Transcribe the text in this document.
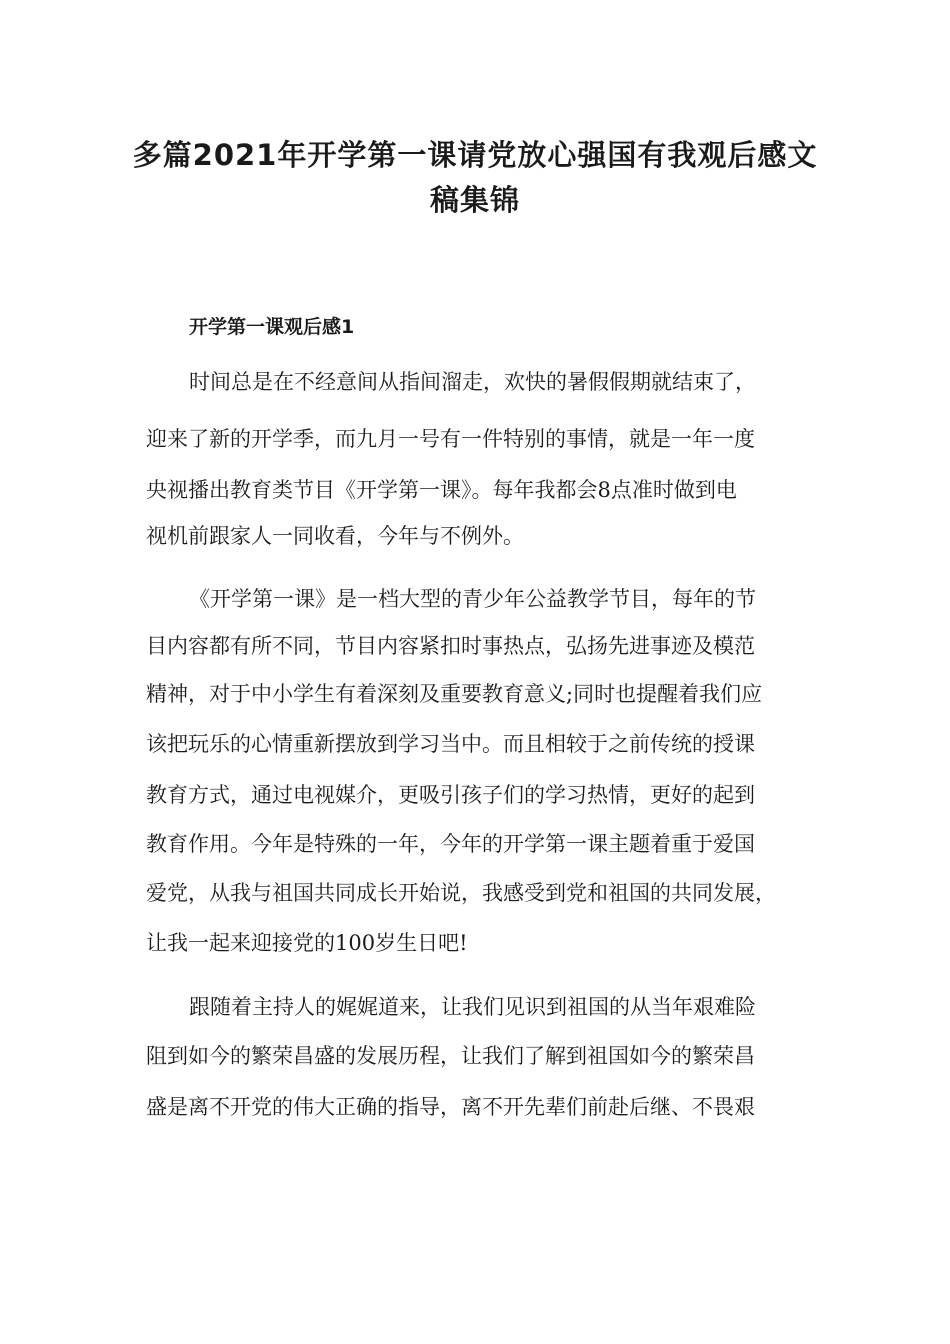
多篇2021年开学第一课请党放心强国有我观后感文
稿集锦
开学第一课观后感1

时间总是在不经意间从指间溜走，欢快的暑假假期就结束了，

迎来了新的开学季，而九月一号有一件特别的事情，就是一年一度

央视播出教育类节目《开学第一课》。每年我都会8点准时做到电

视机前跟家人一同收看，今年与不例外。

《开学第一课》是一档大型的青少年公益教学节目，每年的节

目内容都有所不同，节目内容紧扣时事热点，弘扬先进事迹及模范

精神，对于中小学生有着深刻及重要教育意义;同时也提醒着我们应

该把玩乐的心情重新摆放到学习当中。而且相较于之前传统的授课

教育方式，通过电视媒介，更吸引孩子们的学习热情，更好的起到

教育作用。今年是特殊的一年，今年的开学第一课主题着重于爱国

爱党，从我与祖国共同成长开始说，我感受到党和祖国的共同发展，

让我一起来迎接党的100岁生日吧!

跟随着主持人的娓娓道来，让我们见识到祖国的从当年艰难险

阻到如今的繁荣昌盛的发展历程，让我们了解到祖国如今的繁荣昌

盛是离不开党的伟大正确的指导，离不开先辈们前赴后继、不畏艰
